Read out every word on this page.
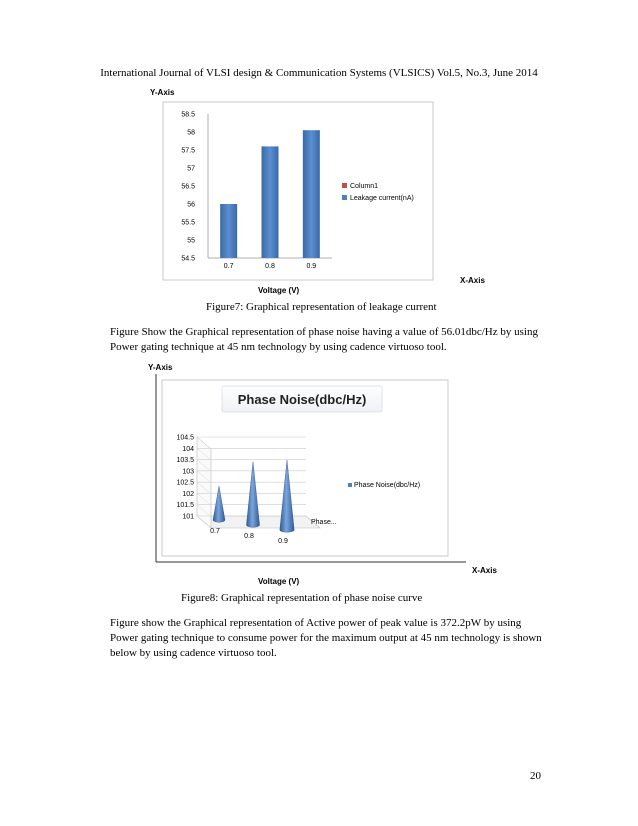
International Journal of VLSI design & Communication Systems (VLSICS) Vol.5, No.3, June 2014
Y-Axis
54.5
55
55.5
56
56.5
57
57.5
58
58.5
0.7	0.8	0.9
Column1
Leakage current(nA)
X-Axis
Voltage (V)
Y-Axis
Phase Noise(dbc/Hz)
101
101.5
102
102.5
103
103.5
104
104.5
0.7
0.8
0.9
Phase...
Phase Noise(dbc/Hz)
X-Axis
Voltage (V)
Figure7: Graphical representation of leakage current
Figure Show the Graphical representation of phase noise having a value of 56.01dbc/Hz by using Power gating technique at 45 nm technology by using cadence virtuoso tool.
Figure8: Graphical representation of phase noise curve
Figure show the Graphical representation of Active power of peak value is 372.2pW by using Power gating technique to consume power for the maximum output at 45 nm technology is shown below by using cadence virtuoso tool.
20
